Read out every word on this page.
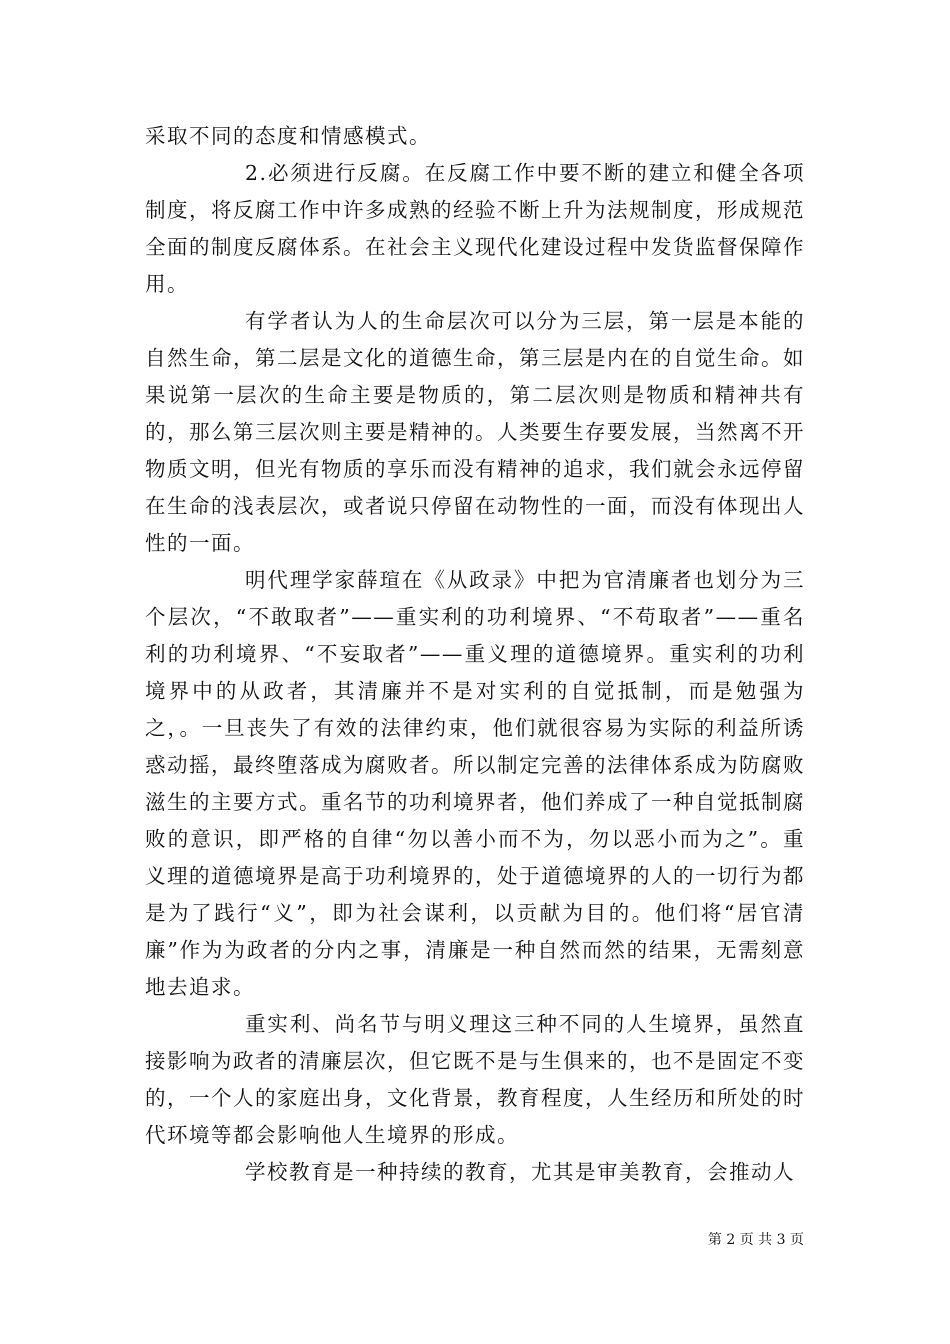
采取不同的态度和情感模式。

2.必须进行反腐。在反腐工作中要不断的建立和健全各项制度，将反腐工作中许多成熟的经验不断上升为法规制度，形成规范全面的制度反腐体系。在社会主义现代化建设过程中发货监督保障作用。

有学者认为人的生命层次可以分为三层，第一层是本能的自然生命，第二层是文化的道德生命，第三层是内在的自觉生命。如果说第一层次的生命主要是物质的，第二层次则是物质和精神共有的，那么第三层次则主要是精神的。人类要生存要发展，当然离不开物质文明，但光有物质的享乐而没有精神的追求，我们就会永远停留在生命的浅表层次，或者说只停留在动物性的一面，而没有体现出人性的一面。

明代理学家薛瑄在《从政录》中把为官清廉者也划分为三个层次，“不敢取者”——重实利的功利境界、“不苟取者”——重名利的功利境界、“不妄取者”——重义理的道德境界。重实利的功利境界中的从政者，其清廉并不是对实利的自觉抵制，而是勉强为之，。一旦丧失了有效的法律约束，他们就很容易为实际的利益所诱惑动摇，最终堕落成为腐败者。所以制定完善的法律体系成为防腐败滋生的主要方式。重名节的功利境界者，他们养成了一种自觉抵制腐败的意识，即严格的自律“勿以善小而不为，勿以恶小而为之”。重义理的道德境界是高于功利境界的，处于道德境界的人的一切行为都是为了践行“义”，即为社会谋利，以贡献为目的。他们将“居官清廉”作为为政者的分内之事，清廉是一种自然而然的结果，无需刻意地去追求。

重实利、尚名节与明义理这三种不同的人生境界，虽然直接影响为政者的清廉层次，但它既不是与生俱来的，也不是固定不变的，一个人的家庭出身，文化背景，教育程度，人生经历和所处的时代环境等都会影响他人生境界的形成。

学校教育是一种持续的教育，尤其是审美教育，会推动人

第 2 页 共 3 页
